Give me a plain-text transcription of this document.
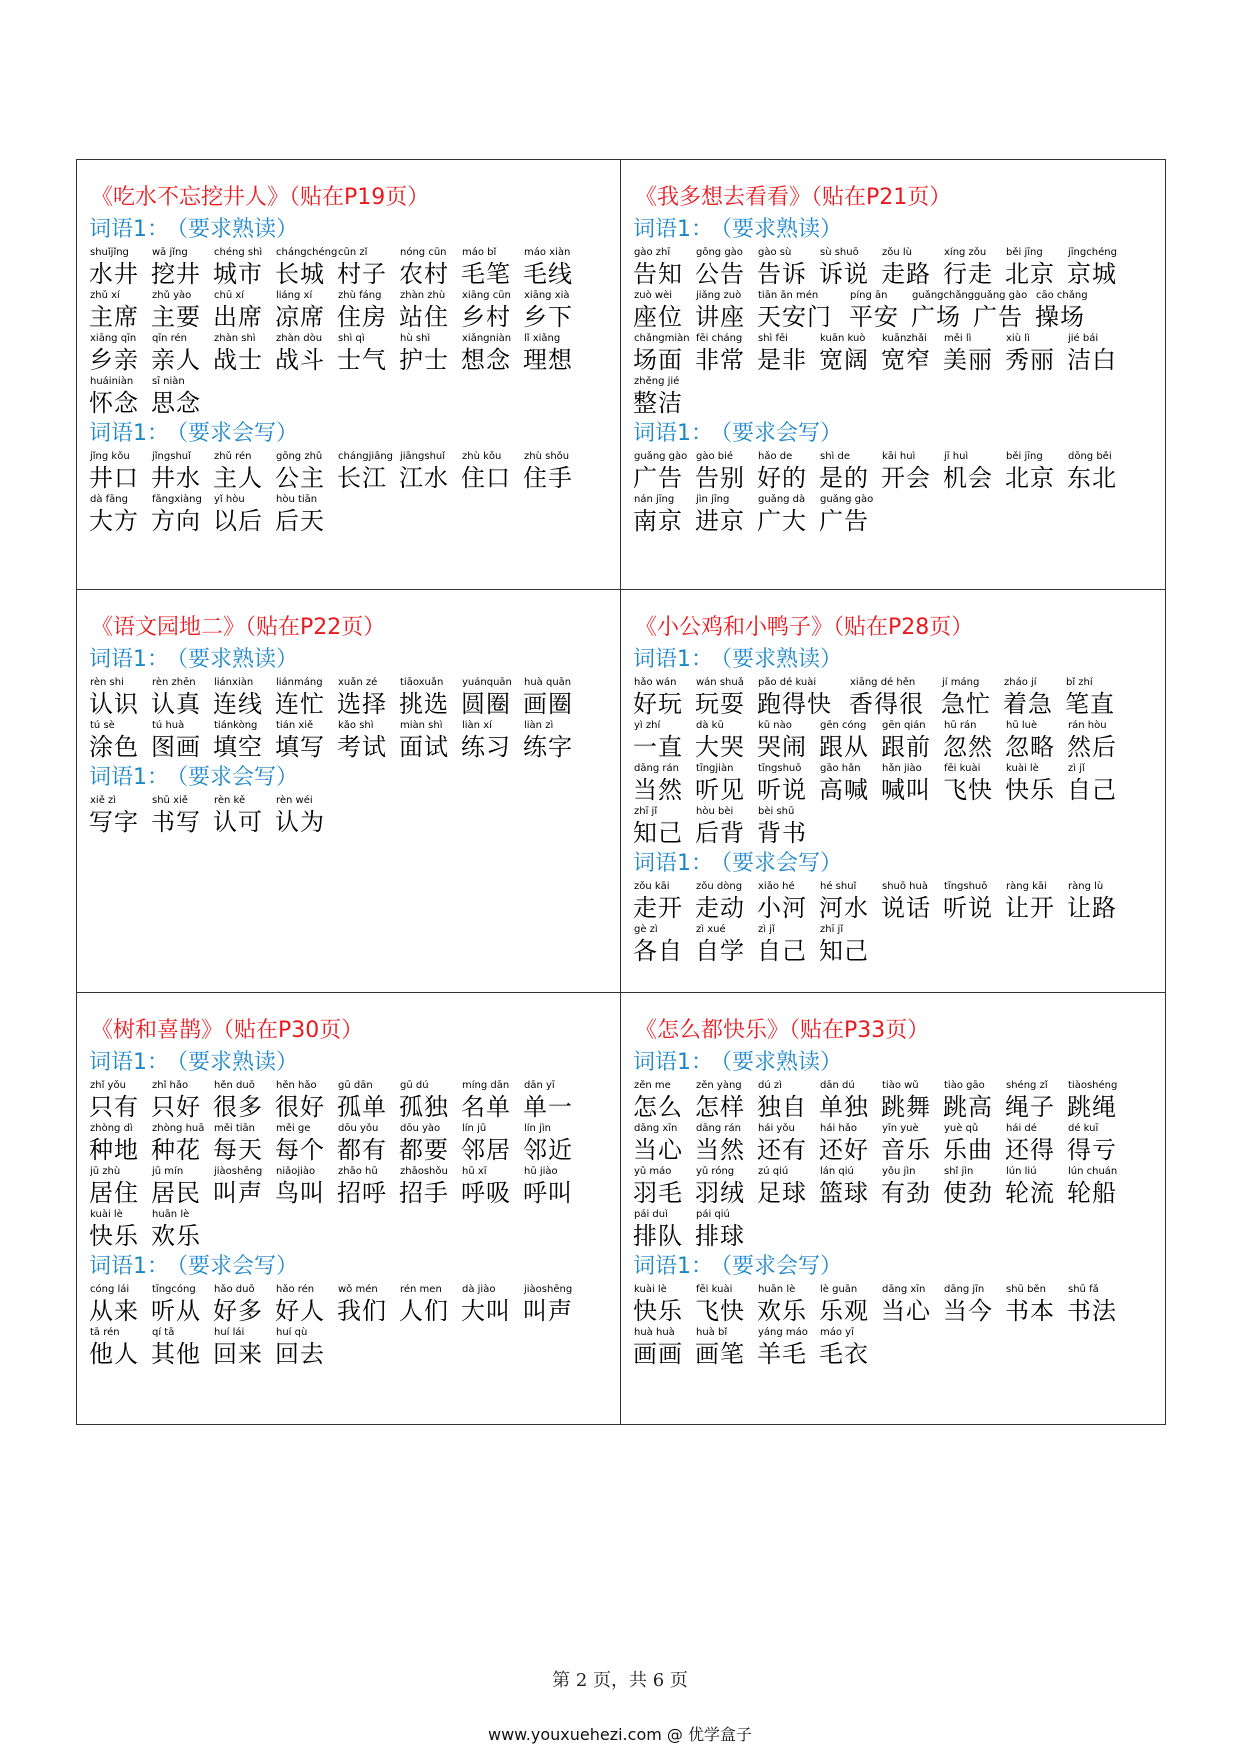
《吃水不忘挖井人》（贴在P19页）
词语1： （要求熟读）
shuǐjǐng
水井
wā jǐng
挖井
chéng shì
城市
chángchéng
长城
cūn zǐ
村子
nóng cūn
农村
máo bǐ
毛笔
máo xiàn
毛线
zhǔ xí
主席
zhǔ yào
主要
chū xí
出席
liáng xí
凉席
zhù fáng
住房
zhàn zhù
站住
xiāng cūn
乡村
xiāng xià
乡下
xiāng qīn
乡亲
qīn rén
亲人
zhàn shì
战士
zhàn dòu
战斗
shì qì
士气
hù shì
护士
xiǎngniàn
想念
lǐ xiǎng
理想
huáiniàn
怀念
sī niàn
思念
词语1： （要求会写）
jǐng kǒu
井口
jǐngshuǐ
井水
zhǔ rén
主人
gōng zhǔ
公主
chángjiāng
长江
jiāngshuǐ
江水
zhù kǒu
住口
zhù shǒu
住手
dà fāng
大方
fāngxiàng
方向
yǐ hòu
以后
hòu tiān
后天
《我多想去看看》（贴在P21页）
词语1： （要求熟读）
gào zhī
告知
gōng gào
公告
gào sù
告诉
sù shuō
诉说
zǒu lù
走路
xíng zǒu
行走
běi jīng
北京
jīngchéng
京城
zuò wèi
座位
jiǎng zuò
讲座
tiān ān mén
天安门
píng ān
平安
guǎngchǎng
广场
guǎng gào
广告
cāo chǎng
操场
chǎngmiàn
场面
fēi cháng
非常
shì fēi
是非
kuān kuò
宽阔
kuānzhǎi
宽窄
měi lì
美丽
xiù lì
秀丽
jié bái
洁白
zhěng jié
整洁
词语1： （要求会写）
guǎng gào
广告
gào bié
告别
hǎo de
好的
shì de
是的
kāi huì
开会
jī huì
机会
běi jīng
北京
dōng běi
东北
nán jīng
南京
jìn jīng
进京
guǎng dà
广大
guǎng gào
广告
《语文园地二》（贴在P22页）
词语1： （要求熟读）
rèn shi
认识
rèn zhēn
认真
liánxiàn
连线
liánmáng
连忙
xuǎn zé
选择
tiāoxuǎn
挑选
yuánquān
圆圈
huà quān
画圈
tú sè
涂色
tú huà
图画
tiánkòng
填空
tián xiě
填写
kǎo shì
考试
miàn shì
面试
liàn xí
练习
liàn zì
练字
词语1： （要求会写）
xiě zì
写字
shū xiě
书写
rèn kě
认可
rèn wéi
认为
《小公鸡和小鸭子》（贴在P28页）
词语1： （要求熟读）
hǎo wán
好玩
wán shuǎ
玩耍
pǎo dé kuài
跑得快
xiāng dé hěn
香得很
jí máng
急忙
zháo jí
着急
bǐ zhí
笔直
yì zhí
一直
dà kū
大哭
kū nào
哭闹
gēn cóng
跟从
gēn qián
跟前
hū rán
忽然
hū luè
忽略
rán hòu
然后
dāng rán
当然
tīngjiàn
听见
tīngshuō
听说
gāo hǎn
高喊
hǎn jiào
喊叫
fēi kuài
飞快
kuài lè
快乐
zì jǐ
自己
zhī jǐ
知己
hòu bèi
后背
bèi shū
背书
词语1： （要求会写）
zǒu kāi
走开
zǒu dòng
走动
xiǎo hé
小河
hé shuǐ
河水
shuō huà
说话
tīngshuō
听说
ràng kāi
让开
ràng lù
让路
gè zì
各自
zì xué
自学
zì jǐ
自己
zhī jǐ
知己
《树和喜鹊》（贴在P30页）
词语1： （要求熟读）
zhǐ yǒu
只有
zhǐ hǎo
只好
hěn duō
很多
hěn hǎo
很好
gū dān
孤单
gū dú
孤独
míng dān
名单
dān yī
单一
zhòng dì
种地
zhòng huā
种花
měi tiān
每天
měi ge
每个
dōu yǒu
都有
dōu yào
都要
lín jū
邻居
lín jìn
邻近
jū zhù
居住
jū mín
居民
jiàoshēng
叫声
niǎojiào
鸟叫
zhāo hū
招呼
zhāoshǒu
招手
hū xī
呼吸
hū jiào
呼叫
kuài lè
快乐
huān lè
欢乐
词语1： （要求会写）
cóng lái
从来
tīngcóng
听从
hǎo duō
好多
hǎo rén
好人
wǒ mén
我们
rén men
人们
dà jiào
大叫
jiàoshēng
叫声
tā rén
他人
qí tā
其他
huí lái
回来
huí qù
回去
《怎么都快乐》（贴在P33页）
词语1： （要求熟读）
zěn me
怎么
zěn yàng
怎样
dú zì
独自
dān dú
单独
tiào wǔ
跳舞
tiào gāo
跳高
shéng zǐ
绳子
tiàoshéng
跳绳
dāng xīn
当心
dāng rán
当然
hái yǒu
还有
hái hǎo
还好
yīn yuè
音乐
yuè qǔ
乐曲
hái dé
还得
dé kuī
得亏
yǔ máo
羽毛
yǔ róng
羽绒
zú qiú
足球
lán qiú
篮球
yǒu jìn
有劲
shǐ jìn
使劲
lún liú
轮流
lún chuán
轮船
pái duì
排队
pái qiú
排球
词语1： （要求会写）
kuài lè
快乐
fēi kuài
飞快
huān lè
欢乐
lè guān
乐观
dāng xīn
当心
dāng jīn
当今
shū běn
书本
shū fǎ
书法
huà huà
画画
huà bǐ
画笔
yáng máo
羊毛
máo yī
毛衣
第 2 页，共 6 页
www.youxuehezi.com @ 优学盒子
